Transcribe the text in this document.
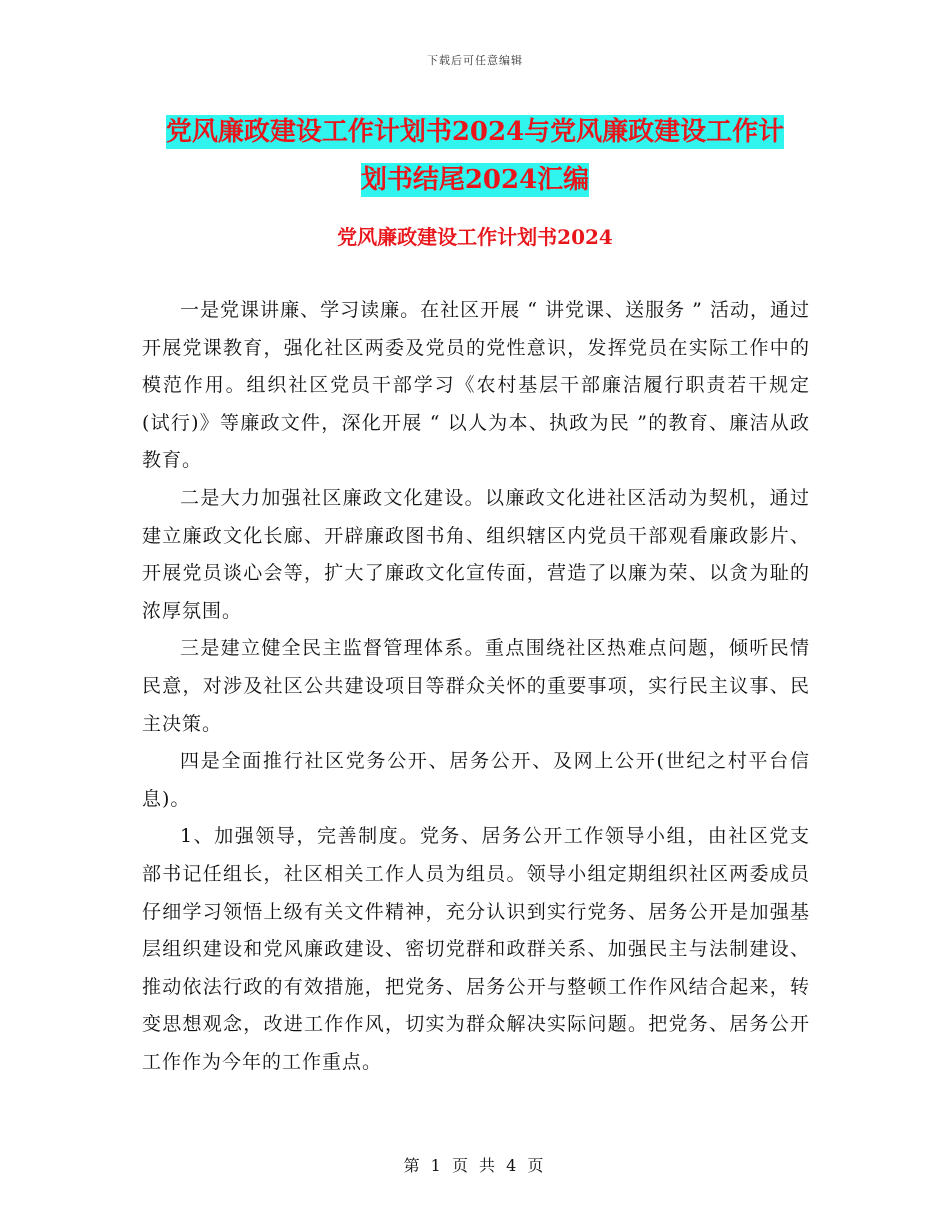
下载后可任意编辑
党风廉政建设工作计划书2024与党风廉政建设工作计
划书结尾2024汇编
党风廉政建设工作计划书2024

一是党课讲廉、学习读廉。在社区开展 “ 讲党课、送服务 ” 活动，通过开展党课教育，强化社区两委及党员的党性意识，发挥党员在实际工作中的模范作用。组织社区党员干部学习《农村基层干部廉洁履行职责若干规定(试行)》等廉政文件，深化开展 “ 以人为本、执政为民 ”的教育、廉洁从政教育。

二是大力加强社区廉政文化建设。以廉政文化进社区活动为契机，通过建立廉政文化长廊、开辟廉政图书角、组织辖区内党员干部观看廉政影片、开展党员谈心会等，扩大了廉政文化宣传面，营造了以廉为荣、以贪为耻的浓厚氛围。

三是建立健全民主监督管理体系。重点围绕社区热难点问题，倾听民情民意，对涉及社区公共建设项目等群众关怀的重要事项，实行民主议事、民主决策。

四是全面推行社区党务公开、居务公开、及网上公开(世纪之村平台信息)。

1、加强领导，完善制度。党务、居务公开工作领导小组，由社区党支部书记任组长，社区相关工作人员为组员。领导小组定期组织社区两委成员仔细学习领悟上级有关文件精神，充分认识到实行党务、居务公开是加强基层组织建设和党风廉政建设、密切党群和政群关系、加强民主与法制建设、推动依法行政的有效措施，把党务、居务公开与整顿工作作风结合起来，转变思想观念，改进工作作风，切实为群众解决实际问题。把党务、居务公开工作作为今年的工作重点。

第 1 页 共 4 页
